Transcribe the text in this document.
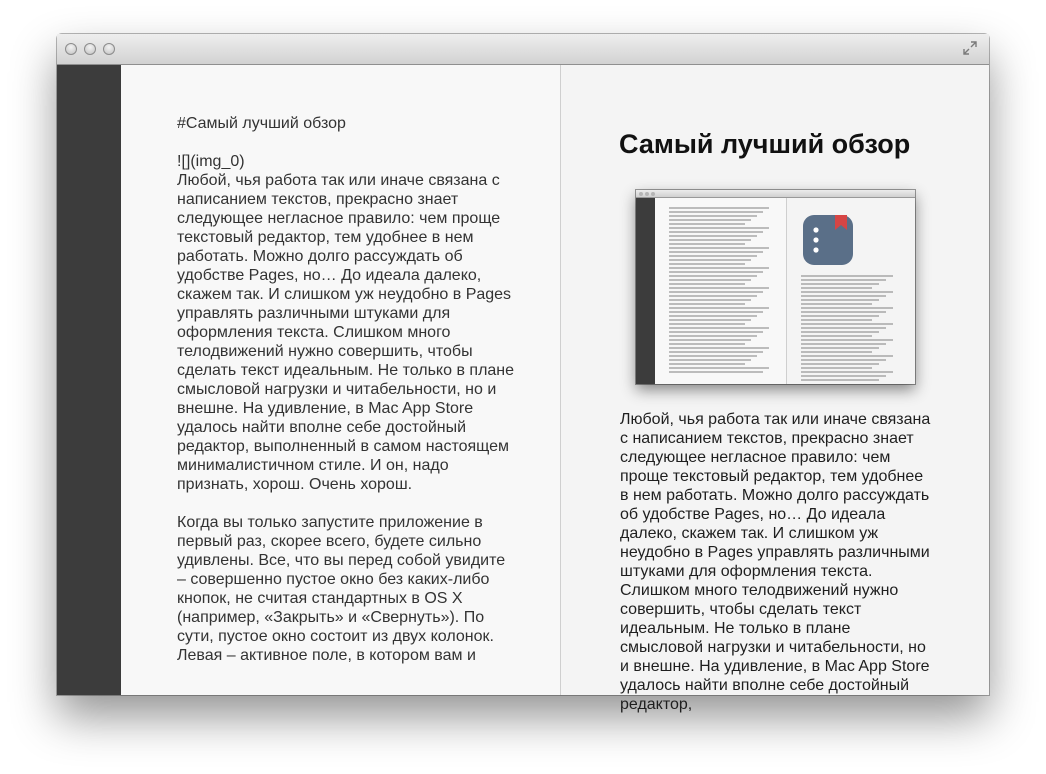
#Самый лучший обзор

![](img_0)

Любой, чья работа так или иначе связана с написанием текстов, прекрасно знает следующее негласное правило: чем проще текстовый редактор, тем удобнее в нем работать. Можно долго рассуждать об удобстве Pages, но… До идеала далеко, скажем так. И слишком уж неудобно в Pages управлять различными штуками для оформления текста. Слишком много телодвижений нужно совершить, чтобы сделать текст идеальным. Не только в плане смысловой нагрузки и читабельности, но и внешне. На удивление, в Mac App Store удалось найти вполне себе достойный редактор, выполненный в самом настоящем минималистичном стиле. И он, надо признать, хорош. Очень хорош.

Когда вы только запустите приложение в первый раз, скорее всего, будете сильно удивлены. Все, что вы перед собой увидите – совершенно пустое окно без каких-либо кнопок, не считая стандартных в OS X (например, «Закрыть» и «Свернуть»). По сути, пустое окно состоит из двух колонок. Левая – активное поле, в котором вам и

Самый лучший обзор

Любой, чья работа так или иначе связана с написанием текстов, прекрасно знает следующее негласное правило: чем проще текстовый редактор, тем удобнее в нем работать. Можно долго рассуждать об удобстве Pages, но… До идеала далеко, скажем так. И слишком уж неудобно в Pages управлять различными штуками для оформления текста. Слишком много телодвижений нужно совершить, чтобы сделать текст идеальным. Не только в плане смысловой нагрузки и читабельности, но и внешне. На удивление, в Mac App Store удалось найти вполне себе достойный редактор,
